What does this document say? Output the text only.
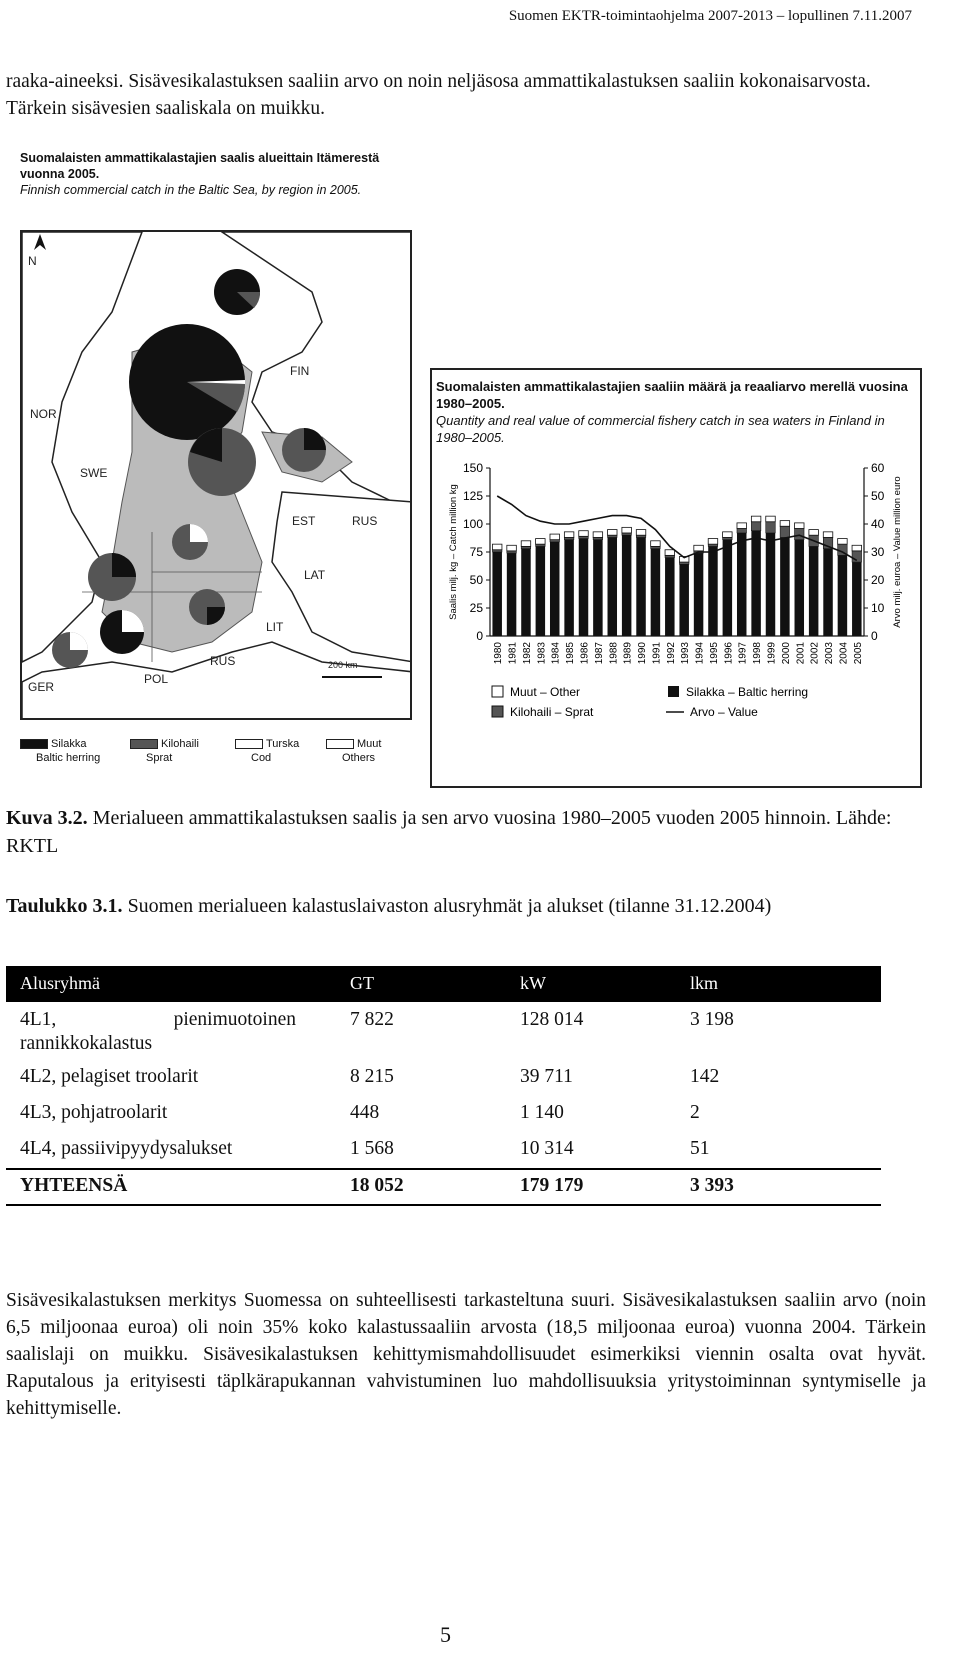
Suomen EKTR-toimintaohjelma 2007-2013 – lopullinen 7.11.2007

raaka-aineeksi. Sisävesikalastuksen saaliin arvo on noin neljäsosa ammattikalastuksen saaliin kokonaisarvosta. Tärkein sisävesien saaliskala on muikku.

Suomalaisten ammattikalastajien saalis alueittain Itämerestä vuonna 2005.
Finnish commercial catch in the Baltic Sea, by region in 2005.
N
FIN
NOR
SWE
EST	RUS
LAT
LIT
RUS
POL
GER
200 km
Silakka
Baltic herring
Kilohaili
Sprat
Turska
Cod
Muut
Others
Suomalaisten ammattikalastajien saaliin määrä ja reaaliarvo merellä vuosina 1980–2005.
Quantity and real value of commercial fishery catch in sea waters in Finland in 1980–2005.
0
25
50
75
100
125
150
0
10
20
30
40
50
60
Saalis milj. kg – Catch million kg	Arvo milj. euroa – Value million euro
1980 1981 1982 1983 1984 1985 1986 1987 1988 1989 1990 1991 1992 1993 1994 1995 1996 1997 1998 1999 2000 2001 2002 2003 2004 2005
Muut – Other	Silakka – Baltic herring
Kilohaili – Sprat	Arvo – Value

Kuva 3.2. Merialueen ammattikalastuksen saalis ja sen arvo vuosina 1980–2005 vuoden 2005 hinnoin. Lähde: RKTL

Taulukko 3.1. Suomen merialueen kalastuslaivaston alusryhmät ja alukset (tilanne 31.12.2004)

Alusryhmä	GT	kW	lkm
4L1, pienimuotoinen rannikkokalastus	7 822	128 014	3 198
4L2, pelagiset troolarit	8 215	39 711	142
4L3, pohjatroolarit	448	1 140	2
4L4, passiivipyydysalukset	1 568	10 314	51
YHTEENSÄ	18 052	179 179	3 393

Sisävesikalastuksen merkitys Suomessa on suhteellisesti tarkasteltuna suuri. Sisävesikalastuksen saaliin arvo (noin 6,5 miljoonaa euroa) oli noin 35% koko kalastussaaliin arvosta (18,5 miljoonaa euroa) vuonna 2004. Tärkein saalislaji on muikku. Sisävesikalastuksen kehittymismahdollisuudet esimerkiksi viennin osalta ovat hyvät. Raputalous ja erityisesti täplkärapukannan vahvistuminen luo mahdollisuuksia yritystoiminnan syntymiselle ja kehittymiselle.

5
